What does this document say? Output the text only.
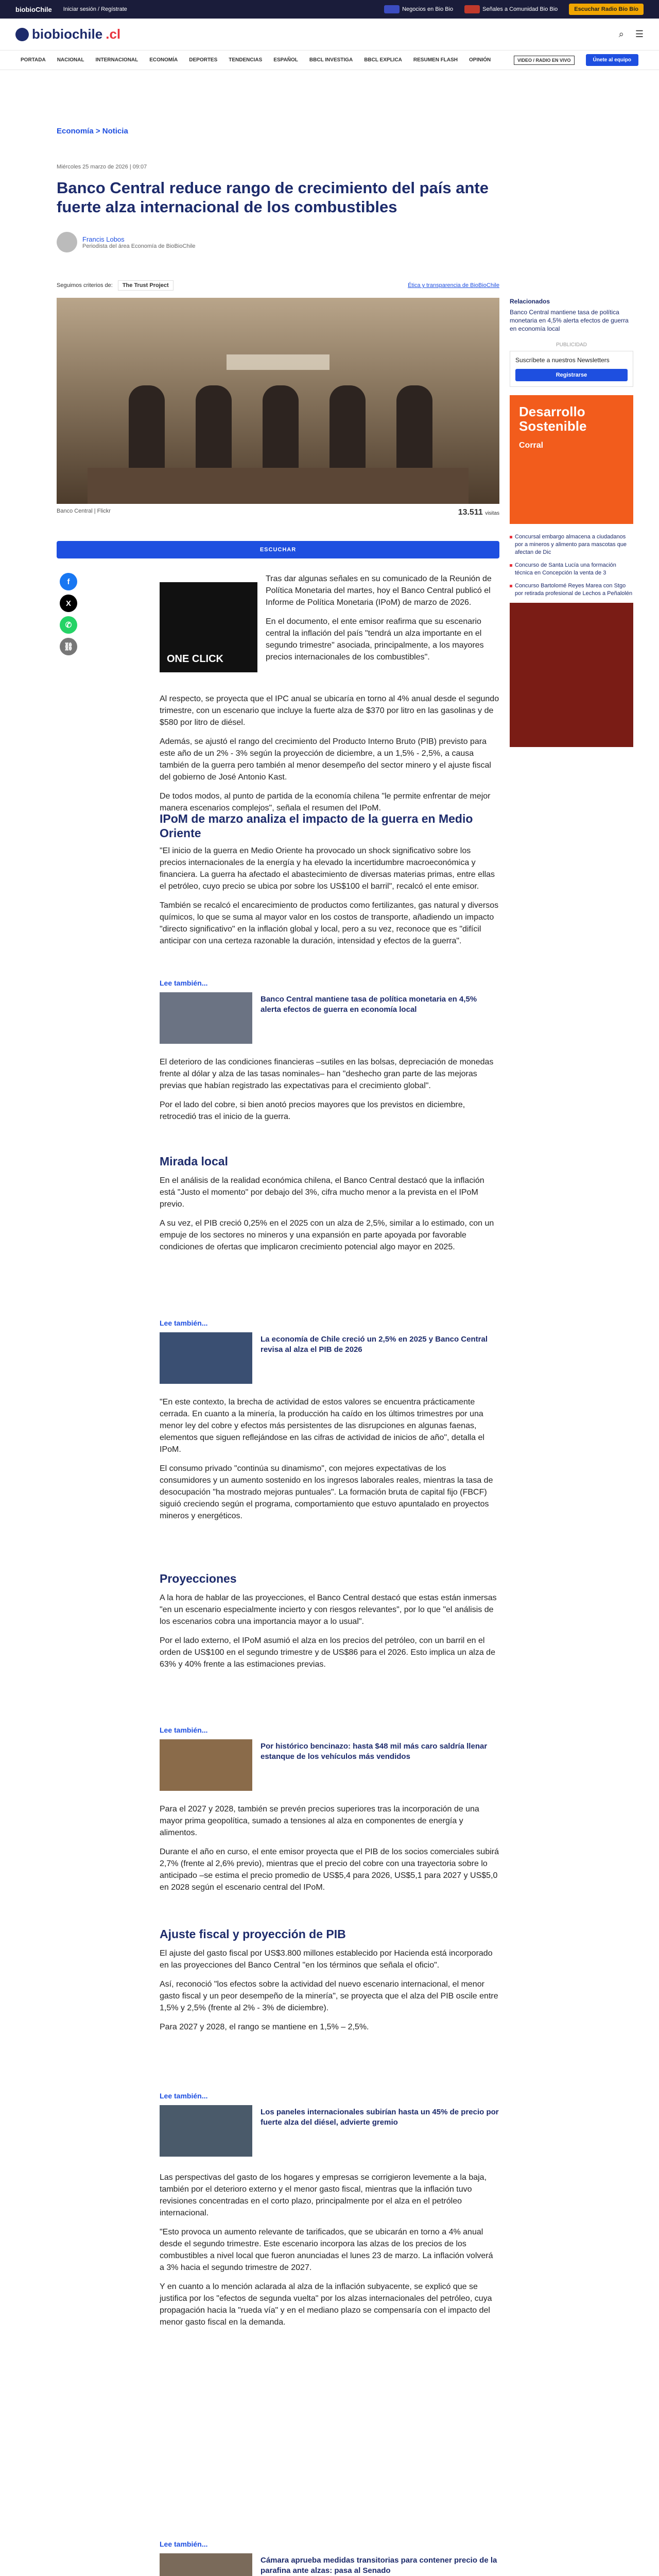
biobioChile Iniciar sesión / Regístrate	Negocios en Bio Bio	Señales a Comunidad Bio Bio	Escuchar Radio Bío Bío
biobiochile .cl	⌕ ☰
PORTADA NACIONAL INTERNACIONAL ECONOMÍA DEPORTES TENDENCIAS ESPAÑOL BBCL INVESTIGA BBCL EXPLICA RESUMEN FLASH OPINIÓN	VIDEO / RADIO EN VIVO	Únete al equipo
Economía > Noticia
Miércoles 25 marzo de 2026 | 09:07
Banco Central reduce rango de crecimiento del país ante fuerte alza internacional de los combustibles
Francis Lobos
Periodista del área Economía de BioBioChile
Seguimos criterios de:	The Trust Project	Ética y transparencia de BioBioChile
Banco Central | Flickr	13.511 visitas
ESCUCHAR
f
X
✆
⛓
ONE CLICK

Tras dar algunas señales en su comunicado de la Reunión de Política Monetaria del martes, hoy el Banco Central publicó el Informe de Política Monetaria (IPoM) de marzo de 2026.

En el documento, el ente emisor reafirma que su escenario central la inflación del país "tendrá un alza importante en el segundo trimestre" asociada, principalmente, a los mayores precios internacionales de los combustibles".

Al respecto, se proyecta que el IPC anual se ubicaría en torno al 4% anual desde el segundo trimestre, con un escenario que incluye la fuerte alza de $370 por litro en las gasolinas y de $580 por litro de diésel.

Además, se ajustó el rango del crecimiento del Producto Interno Bruto (PIB) previsto para este año de un 2% - 3% según la proyección de diciembre, a un 1,5% - 2,5%, a causa también de la guerra pero también al menor desempeño del sector minero y el ajuste fiscal del gobierno de José Antonio Kast.

De todos modos, al punto de partida de la economía chilena "le permite enfrentar de mejor manera escenarios complejos", señala el resumen del IPoM.

IPoM de marzo analiza el impacto de la guerra en Medio Oriente

"El inicio de la guerra en Medio Oriente ha provocado un shock significativo sobre los precios internacionales de la energía y ha elevado la incertidumbre macroeconómica y financiera. La guerra ha afectado el abastecimiento de diversas materias primas, entre ellas el petróleo, cuyo precio se ubica por sobre los US$100 el barril", recalcó el ente emisor.

También se recalcó el encarecimiento de productos como fertilizantes, gas natural y diversos químicos, lo que se suma al mayor valor en los costos de transporte, añadiendo un impacto "directo significativo" en la inflación global y local, pero a su vez, reconoce que es "difícil anticipar con una certeza razonable la duración, intensidad y efectos de la guerra".

Lee también...
Banco Central mantiene tasa de política monetaria en 4,5% alerta efectos de guerra en economía local

El deterioro de las condiciones financieras –sutiles en las bolsas, depreciación de monedas frente al dólar y alza de las tasas nominales– han "deshecho gran parte de las mejoras previas que habían registrado las expectativas para el crecimiento global".

Por el lado del cobre, si bien anotó precios mayores que los previstos en diciembre, retrocedió tras el inicio de la guerra.

Mirada local

En el análisis de la realidad económica chilena, el Banco Central destacó que la inflación está "Justo el momento" por debajo del 3%, cifra mucho menor a la prevista en el IPoM previo.

A su vez, el PIB creció 0,25% en el 2025 con un alza de 2,5%, similar a lo estimado, con un empuje de los sectores no mineros y una expansión en parte apoyada por favorable condiciones de ofertas que implicaron crecimiento potencial algo mayor en 2025.

Lee también...
La economía de Chile creció un 2,5% en 2025 y Banco Central revisa al alza el PIB de 2026

"En este contexto, la brecha de actividad de estos valores se encuentra prácticamente cerrada. En cuanto a la minería, la producción ha caído en los últimos trimestres por una menor ley del cobre y efectos más persistentes de las disrupciones en algunas faenas, elementos que siguen reflejándose en las cifras de actividad de inicios de año", detalla el IPoM.

El consumo privado "continúa su dinamismo", con mejores expectativas de los consumidores y un aumento sostenido en los ingresos laborales reales, mientras la tasa de desocupación "ha mostrado mejoras puntuales". La formación bruta de capital fijo (FBCF) siguió creciendo según el programa, comportamiento que estuvo apuntalado en proyectos mineros y energéticos.

Proyecciones

A la hora de hablar de las proyecciones, el Banco Central destacó que estas están inmersas "en un escenario especialmente incierto y con riesgos relevantes", por lo que "el análisis de los escenarios cobra una importancia mayor a lo usual".

Por el lado externo, el IPoM asumió el alza en los precios del petróleo, con un barril en el orden de US$100 en el segundo trimestre y de US$86 para el 2026. Esto implica un alza de 63% y 40% frente a las estimaciones previas.

Lee también...
Por histórico bencinazo: hasta $48 mil más caro saldría llenar estanque de los vehículos más vendidos

Para el 2027 y 2028, también se prevén precios superiores tras la incorporación de una mayor prima geopolítica, sumado a tensiones al alza en componentes de energía y alimentos.

Durante el año en curso, el ente emisor proyecta que el PIB de los socios comerciales subirá 2,7% (frente al 2,6% previo), mientras que el precio del cobre con una trayectoria sobre lo anticipado –se estima el precio promedio de US$5,4 para 2026, US$5,1 para 2027 y US$5,0 en 2028 según el escenario central del IPoM.

Ajuste fiscal y proyección de PIB

El ajuste del gasto fiscal por US$3.800 millones establecido por Hacienda está incorporado en las proyecciones del Banco Central "en los términos que señala el oficio".

Así, reconoció "los efectos sobre la actividad del nuevo escenario internacional, el menor gasto fiscal y un peor desempeño de la minería", se proyecta que el alza del PIB oscile entre 1,5% y 2,5% (frente al 2% - 3% de diciembre).

Para 2027 y 2028, el rango se mantiene en 1,5% – 2,5%.

Lee también...
Los paneles internacionales subirían hasta un 45% de precio por fuerte alza del diésel, advierte gremio

Las perspectivas del gasto de los hogares y empresas se corrigieron levemente a la baja, también por el deterioro externo y el menor gasto fiscal, mientras que la inflación tuvo revisiones concentradas en el corto plazo, principalmente por el alza en el petróleo internacional.

"Esto provoca un aumento relevante de tarificados, que se ubicarán en torno a 4% anual desde el segundo trimestre. Este escenario incorpora las alzas de los precios de los combustibles a nivel local que fueron anunciadas el lunes 23 de marzo. La inflación volverá a 3% hacia el segundo trimestre de 2027.

Y en cuanto a lo mención aclarada al alza de la inflación subyacente, se explicó que se justifica por los "efectos de segunda vuelta" por los alzas internacionales del petróleo, cuya propagación hacia la "rueda vía" y en el mediano plazo se compensaría con el impacto del menor gasto fiscal en la demanda.

Lee también...
Cámara aprueba medidas transitorias para contener precio de la parafina ante alzas: pasa al Senado

Relacionados
Banco Central mantiene tasa de política monetaria en 4,5% alerta efectos de guerra en economía local
PUBLICIDAD
Suscríbete a nuestros Newsletters
Registrarse
Desarrollo Sostenible
Corral
Concursal embargo almacena a ciudadanos por a mineros y alimento para mascotas que afectan de Dic
Concurso de Santa Lucía una formación técnica en Concepción la venta de 3
Concurso Bartolomé Reyes Marea con Stgo por retirada profesional de Lechos a Peñalolén
